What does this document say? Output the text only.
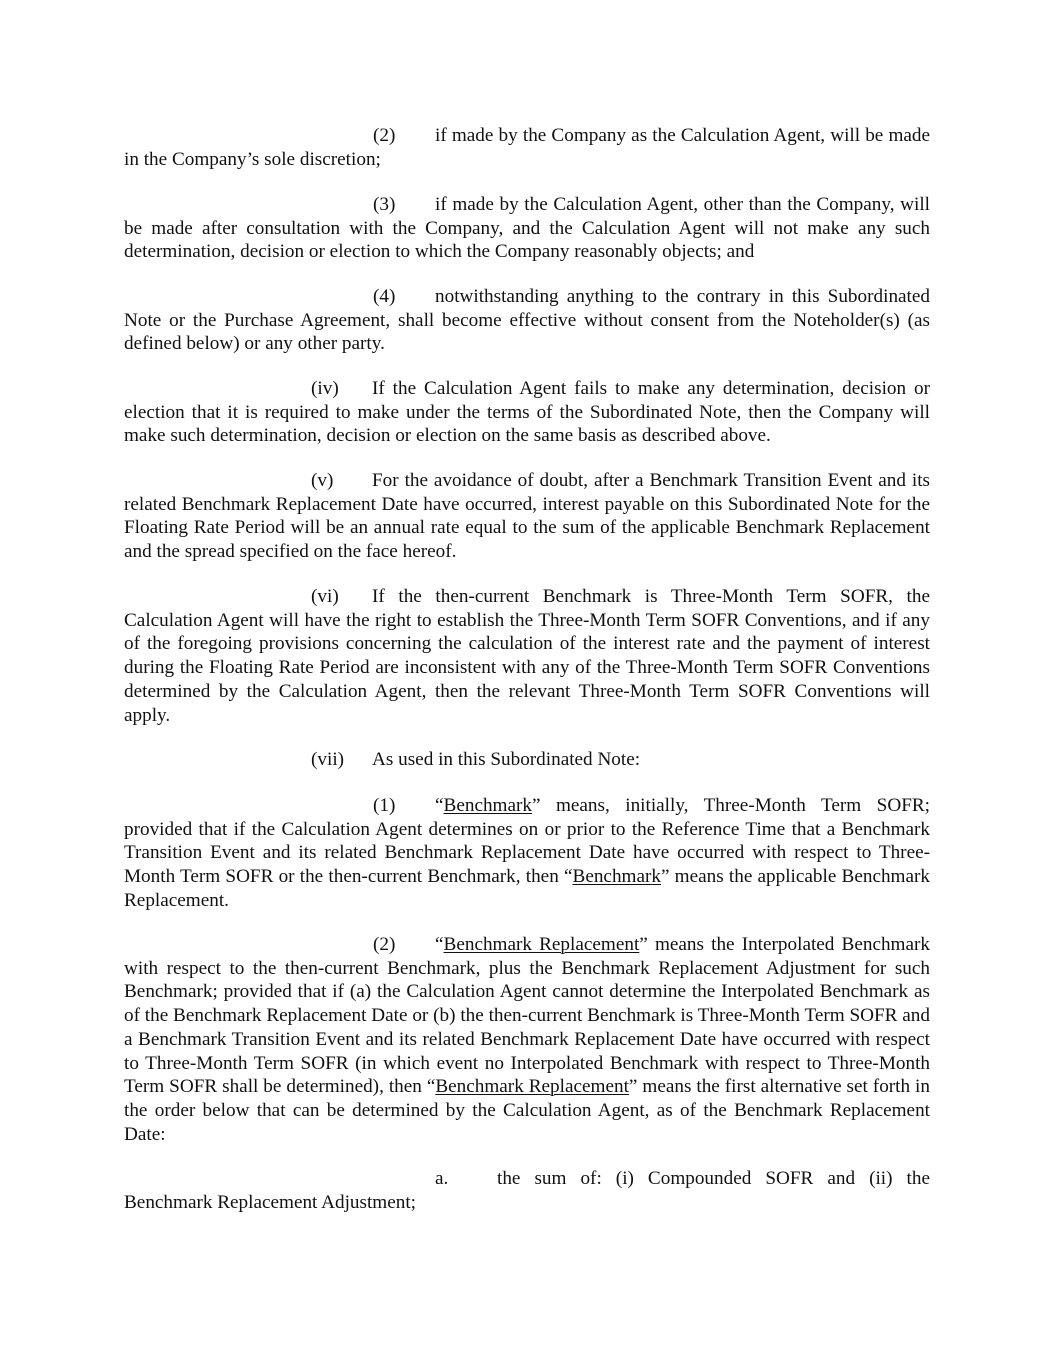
(2) if made by the Company as the Calculation Agent, will be made in the Company’s sole discretion;

(3) if made by the Calculation Agent, other than the Company, will be made after consultation with the Company, and the Calculation Agent will not make any such determination, decision or election to which the Company reasonably objects; and

(4) notwithstanding anything to the contrary in this Subordinated Note or the Purchase Agreement, shall become effective without consent from the Noteholder(s) (as defined below) or any other party.

(iv) If the Calculation Agent fails to make any determination, decision or election that it is required to make under the terms of the Subordinated Note, then the Company will make such determination, decision or election on the same basis as described above.

(v) For the avoidance of doubt, after a Benchmark Transition Event and its related Benchmark Replacement Date have occurred, interest payable on this Subordinated Note for the Floating Rate Period will be an annual rate equal to the sum of the applicable Benchmark Replacement and the spread specified on the face hereof.

(vi) If the then-current Benchmark is Three-Month Term SOFR, the Calculation Agent will have the right to establish the Three-Month Term SOFR Conventions, and if any of the foregoing provisions concerning the calculation of the interest rate and the payment of interest during the Floating Rate Period are inconsistent with any of the Three-Month Term SOFR Conventions determined by the Calculation Agent, then the relevant Three-Month Term SOFR Conventions will apply.

(vii) As used in this Subordinated Note:

(1) “Benchmark” means, initially, Three-Month Term SOFR; provided that if the Calculation Agent determines on or prior to the Reference Time that a Benchmark Transition Event and its related Benchmark Replacement Date have occurred with respect to Three-Month Term SOFR or the then-current Benchmark, then “Benchmark” means the applicable Benchmark Replacement.

(2) “Benchmark Replacement” means the Interpolated Benchmark with respect to the then-current Benchmark, plus the Benchmark Replacement Adjustment for such Benchmark; provided that if (a) the Calculation Agent cannot determine the Interpolated Benchmark as of the Benchmark Replacement Date or (b) the then-current Benchmark is Three-Month Term SOFR and a Benchmark Transition Event and its related Benchmark Replacement Date have occurred with respect to Three-Month Term SOFR (in which event no Interpolated Benchmark with respect to Three-Month Term SOFR shall be determined), then “Benchmark Replacement” means the first alternative set forth in the order below that can be determined by the Calculation Agent, as of the Benchmark Replacement Date:

a.	the sum of: (i) Compounded SOFR and (ii) the Benchmark Replacement Adjustment;
